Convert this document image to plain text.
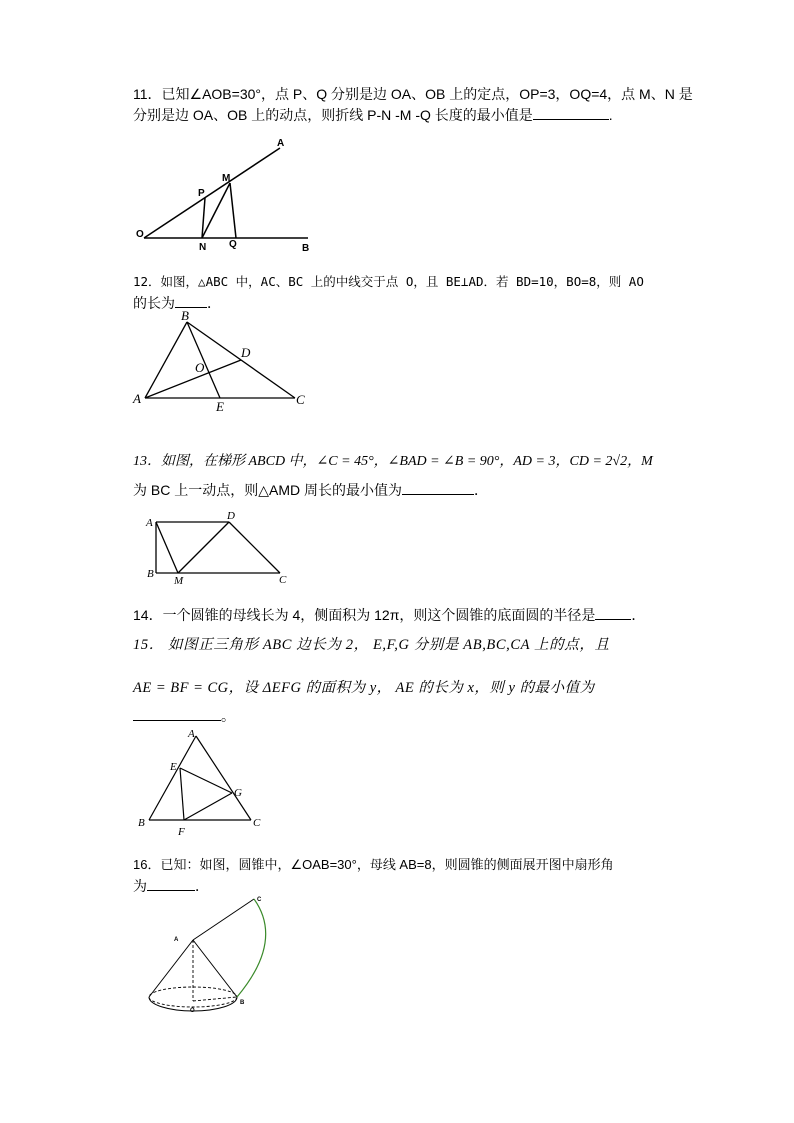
11．已知∠AOB=30°，点 P、Q 分别是边 OA、OB 上的定点，OP=3，OQ=4，点 M、N 是
分别是边 OA、OB 上的动点，则折线 P-N -M -Q 长度的最小值是	.
A
M
P
O
N Q	B
12．如图，△ABC 中，AC、BC 上的中线交于点 O，且 BE⊥AD．若 BD=10，BO=8，则 AO
的长为 ．
B
D
O
A
E	C
13．如图，在梯形 ABCD 中，∠C = 45°，∠BAD = ∠B = 90°，AD = 3，CD = 2√2，M
为 BC 上一动点，则△AMD 周长的最小值为	．
A
D
B
M	C
14．一个圆锥的母线长为 4，侧面积为 12π，则这个圆锥的底面圆的半径是	．
15． 如图正三角形 ABC 边长为 2， E,F,G 分别是 AB,BC,CA 上的点，且
AE = BF = CG，设 ΔEFG 的面积为 y， AE 的长为 x，则 y 的最小值为
。
A
E
G
B
F
C
16．已知：如图，圆锥中，∠OAB=30°，母线 AB=8，则圆锥的侧面展开图中扇形角
为	．
A
C
O
B
